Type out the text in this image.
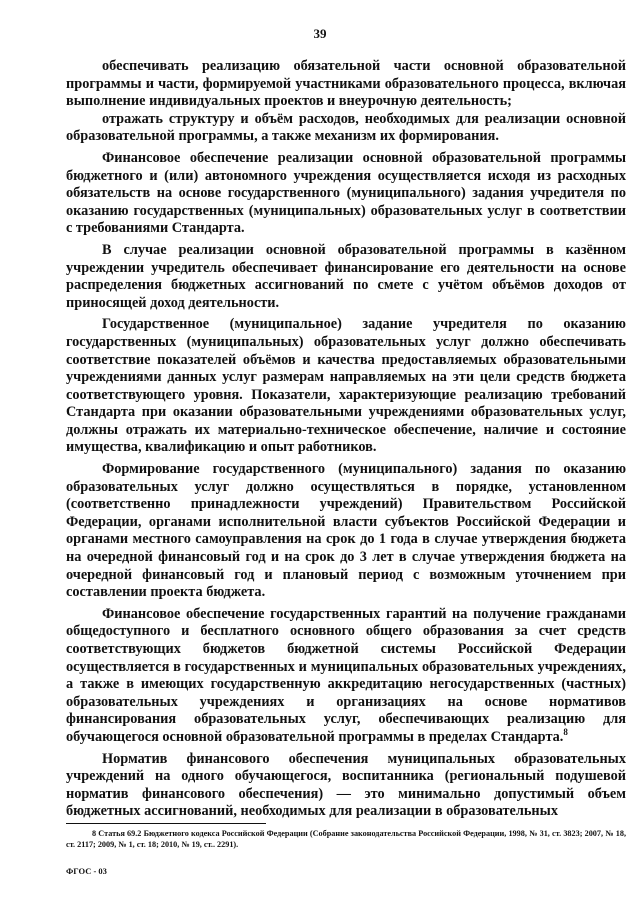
39

обеспечивать реализацию обязательной части основной образовательной программы и части, формируемой участниками образовательного процесса, включая выполнение индивидуальных проектов и внеурочную деятельность;

отражать структуру и объём расходов, необходимых для реализации основной образовательной программы, а также механизм их формирования.

Финансовое обеспечение реализации основной образовательной программы бюджетного и (или) автономного учреждения осуществляется исходя из расходных обязательств на основе государственного (муниципального) задания учредителя по оказанию государственных (муниципальных) образовательных услуг в соответствии с требованиями Стандарта.

В случае реализации основной образовательной программы в казённом учреждении учредитель обеспечивает финансирование его деятельности на основе распределения бюджетных ассигнований по смете с учётом объёмов доходов от приносящей доход деятельности.

Государственное (муниципальное) задание учредителя по оказанию государственных (муниципальных) образовательных услуг должно обеспечивать соответствие показателей объёмов и качества предоставляемых образовательными учреждениями данных услуг размерам направляемых на эти цели средств бюджета соответствующего уровня. Показатели, характеризующие реализацию требований Стандарта при оказании образовательными учреждениями образовательных услуг, должны отражать их материально-техническое обеспечение, наличие и состояние имущества, квалификацию и опыт работников.

Формирование государственного (муниципального) задания по оказанию образовательных услуг должно осуществляться в порядке, установленном (соответственно принадлежности учреждений) Правительством Российской Федерации, органами исполнительной власти субъектов Российской Федерации и органами местного самоуправления на срок до 1 года в случае утверждения бюджета на очередной финансовый год и на срок до 3 лет в случае утверждения бюджета на очередной финансовый год и плановый период с возможным уточнением при составлении проекта бюджета.

Финансовое обеспечение государственных гарантий на получение гражданами общедоступного и бесплатного основного общего образования за счет средств соответствующих бюджетов бюджетной системы Российской Федерации осуществляется в государственных и муниципальных образовательных учреждениях, а также в имеющих государственную аккредитацию негосударственных (частных) образовательных учреждениях и организациях на основе нормативов финансирования образовательных услуг, обеспечивающих реализацию для обучающегося основной образовательной программы в пределах Стандарта.$^8$

Норматив финансового обеспечения муниципальных образовательных учреждений на одного обучающегося, воспитанника (региональный подушевой норматив финансового обеспечения) — это минимально допустимый объем бюджетных ассигнований, необходимых для реализации в образовательных

8 Статья 69.2 Бюджетного кодекса Российской Федерации (Собрание законодательства Российской Федерации, 1998, № 31, ст. 3823; 2007, № 18, ст. 2117; 2009, № 1, ст. 18; 2010, № 19, ст.. 2291).
ФГОС - 03
